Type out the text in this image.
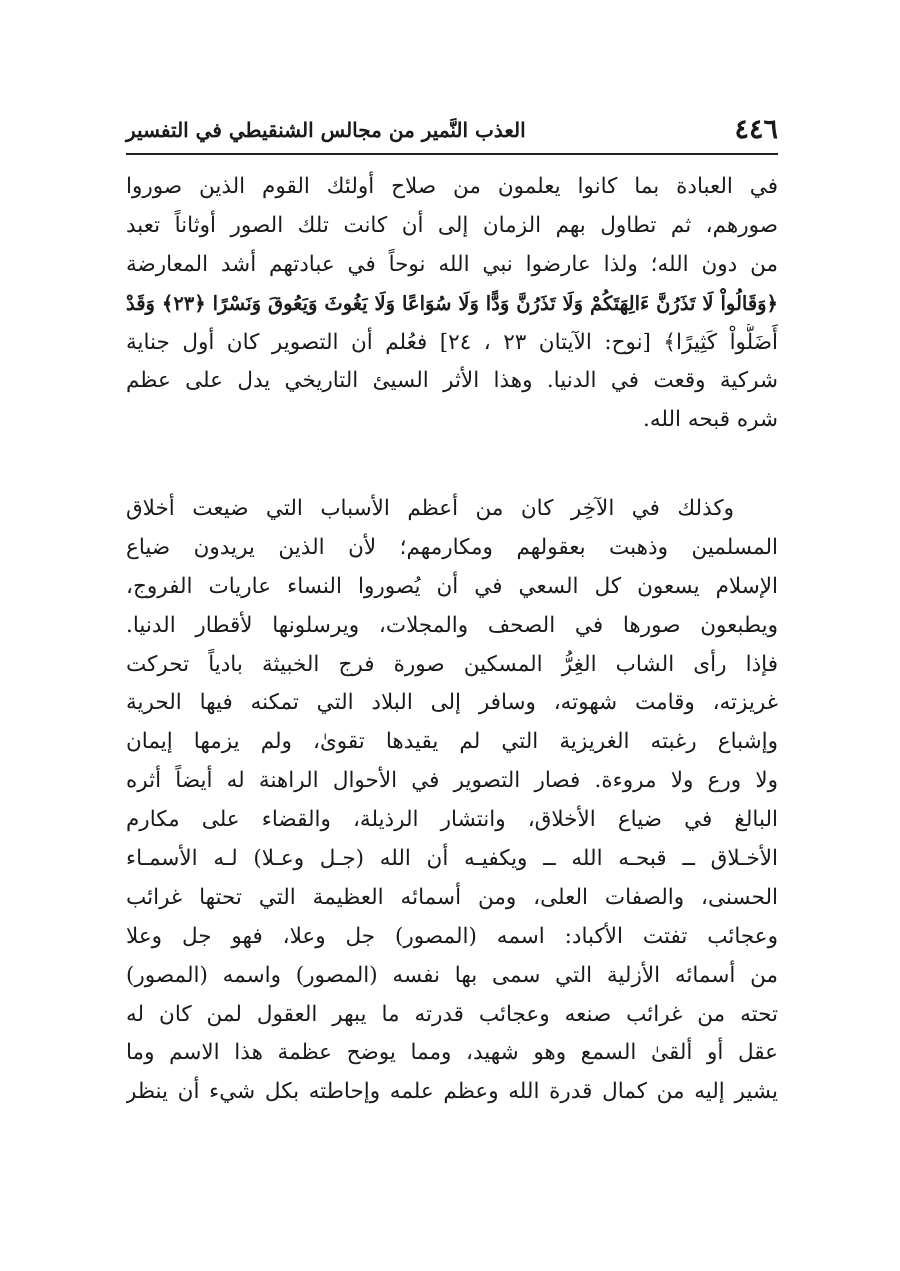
٤٤٦
العذب النَّمير من مجالس الشنقيطي في التفسير
في العبادة بما كانوا يعلمون من صلاح أولئك القوم الذين صوروا
صورهم، ثم تطاول بهم الزمان إلى أن كانت تلك الصور أوثاناً تعبد
من دون الله؛ ولذا عارضوا نبي الله نوحاً في عبادتهم أشد المعارضة
﴿وَقَالُواْ لَا تَذَرُنَّ ءَالِهَتَكُمْ وَلَا تَذَرُنَّ وَدًّا وَلَا سُوَاعًا وَلَا يَغُوثَ وَيَعُوقَ وَنَسْرًا ﴿٢٣﴾ وَقَدْ
أَضَلُّواْ كَثِيرًا﴾ [نوح: الآيتان ٢٣ ، ٢٤] فعُلم أن التصوير كان أول جناية
شركية وقعت في الدنيا. وهذا الأثر السيئ التاريخي يدل على عظم
شره قبحه الله.
وكذلك في الآخِر كان من أعظم الأسباب التي ضيعت أخلاق
المسلمين وذهبت بعقولهم ومكارمهم؛ لأن الذين يريدون ضياع
الإسلام يسعون كل السعي في أن يُصوروا النساء عاريات الفروج،
ويطبعون صورها في الصحف والمجلات، ويرسلونها لأقطار الدنيا.
فإذا رأى الشاب الغِرُّ المسكين صورة فرج الخبيثة بادياً تحركت
غريزته، وقامت شهوته، وسافر إلى البلاد التي تمكنه فيها الحرية
وإشباع رغبته الغريزية التي لم يقيدها تقوىٰ، ولم يزمها إيمان
ولا ورع ولا مروءة. فصار التصوير في الأحوال الراهنة له أيضاً أثره
البالغ في ضياع الأخلاق، وانتشار الرذيلة، والقضاء على مكارم
الأخـلاق ــ قبحـه الله ــ ويكفيـه أن الله (جـل وعـلا) لـه الأسمـاء
الحسنى، والصفات العلى، ومن أسمائه العظيمة التي تحتها غرائب
وعجائب تفتت الأكباد: اسمه (المصور) جل وعلا، فهو جل وعلا
من أسمائه الأزلية التي سمى بها نفسه (المصور) واسمه (المصور)
تحته من غرائب صنعه وعجائب قدرته ما يبهر العقول لمن كان له
عقل أو ألقىٰ السمع وهو شهيد، ومما يوضح عظمة هذا الاسم وما
يشير إليه من كمال قدرة الله وعظم علمه وإحاطته بكل شيء أن ينظر
